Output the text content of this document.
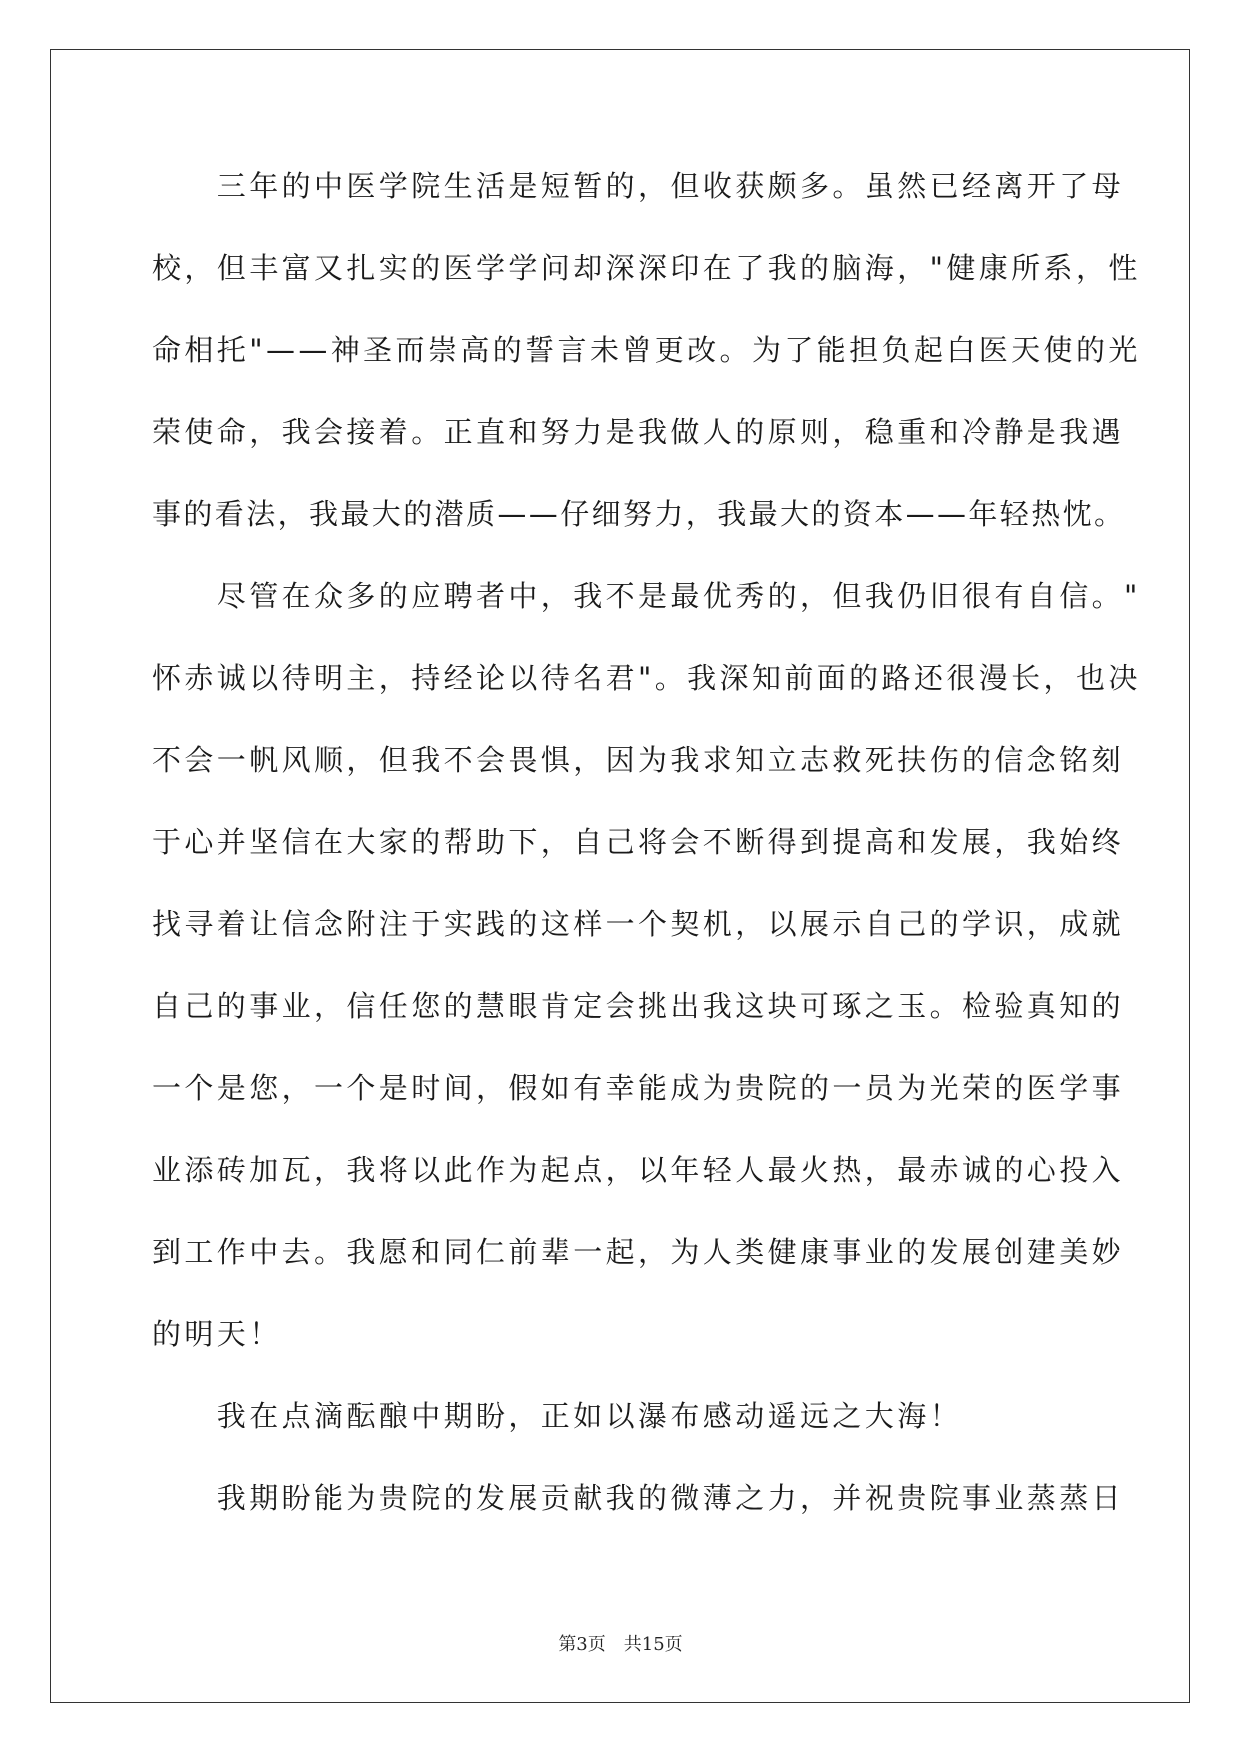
　　三年的中医学院生活是短暂的，但收获颇多。虽然已经离开了母
校，但丰富又扎实的医学学问却深深印在了我的脑海，"健康所系，性
命相托"——神圣而崇高的誓言未曾更改。为了能担负起白医天使的光
荣使命，我会接着。正直和努力是我做人的原则，稳重和冷静是我遇
事的看法，我最大的潜质——仔细努力，我最大的资本——年轻热忱。
　　尽管在众多的应聘者中，我不是最优秀的，但我仍旧很有自信。"
怀赤诚以待明主，持经论以待名君"。我深知前面的路还很漫长，也决
不会一帆风顺，但我不会畏惧，因为我求知立志救死扶伤的信念铭刻
于心并坚信在大家的帮助下，自己将会不断得到提高和发展，我始终
找寻着让信念附注于实践的这样一个契机，以展示自己的学识，成就
自己的事业，信任您的慧眼肯定会挑出我这块可琢之玉。检验真知的
一个是您，一个是时间，假如有幸能成为贵院的一员为光荣的医学事
业添砖加瓦，我将以此作为起点，以年轻人最火热，最赤诚的心投入
到工作中去。我愿和同仁前辈一起，为人类健康事业的发展创建美妙
的明天！
　　我在点滴酝酿中期盼，正如以瀑布感动遥远之大海！
　　我期盼能为贵院的发展贡献我的微薄之力，并祝贵院事业蒸蒸日
第3页　共15页
